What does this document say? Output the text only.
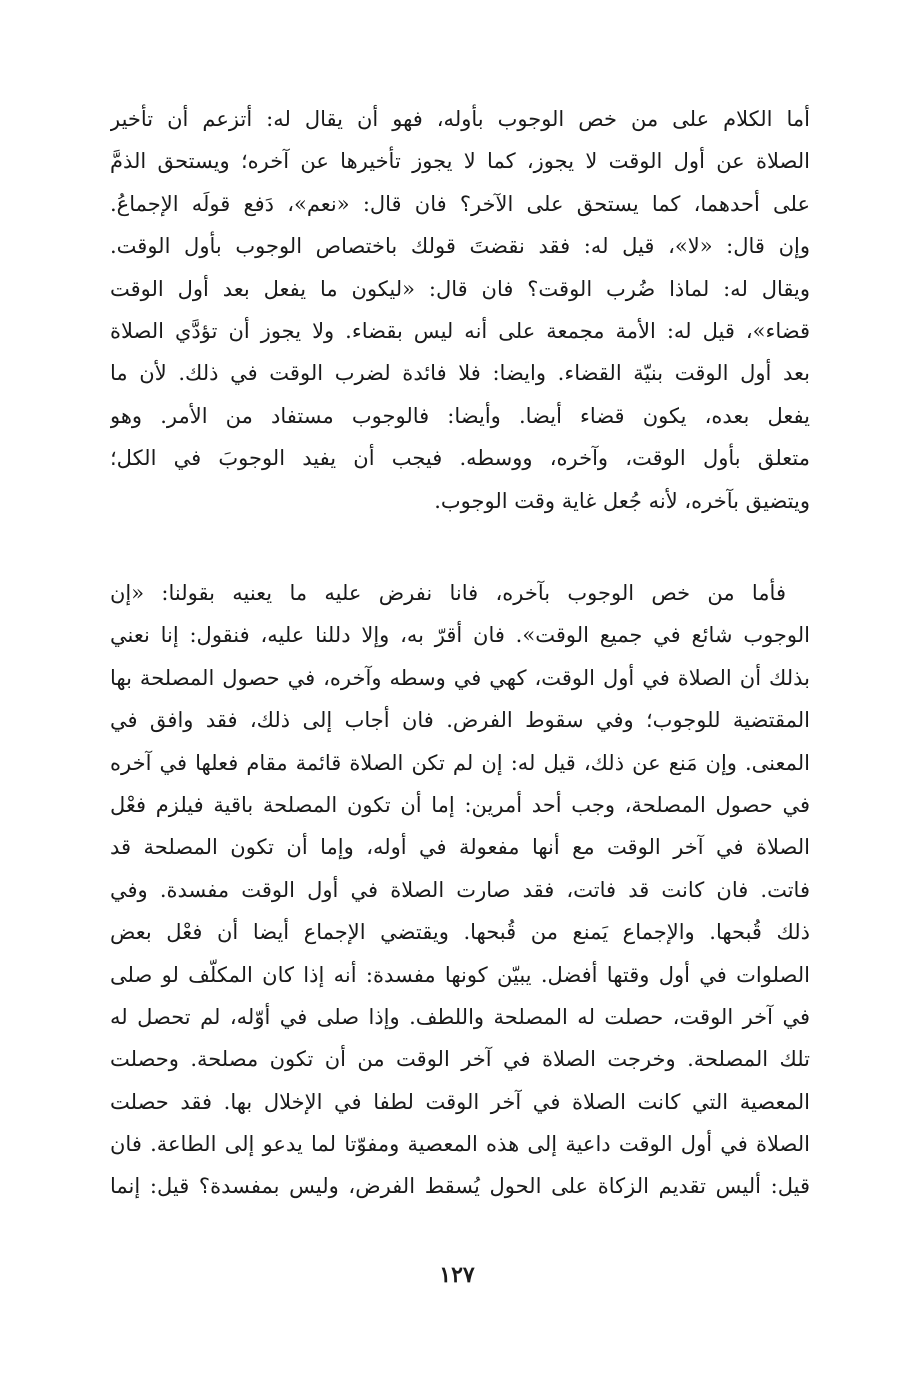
أما الكلام على من خص الوجوب بأوله، فهو أن يقال له: أتزعم أن تأخير
الصلاة عن أول الوقت لا يجوز، كما لا يجوز تأخيرها عن آخره؛ ويستحق الذمَّ
على أحدهما، كما يستحق على الآخر؟ فان قال: «نعم»، دَفع قولَه الإجماعُ.
وإن قال: «لا»، قيل له: فقد نقضتَ قولك باختصاص الوجوب بأول الوقت.
ويقال له: لماذا ضُرب الوقت؟ فان قال: «ليكون ما يفعل بعد أول الوقت
قضاء»، قيل له: الأمة مجمعة على أنه ليس بقضاء. ولا يجوز أن تؤدَّي الصلاة
بعد أول الوقت بنيّة القضاء. وايضا: فلا فائدة لضرب الوقت في ذلك. لأن ما
يفعل بعده، يكون قضاء أيضا. وأيضا: فالوجوب مستفاد من الأمر. وهو
متعلق بأول الوقت، وآخره، ووسطه. فيجب أن يفيد الوجوبَ في الكل؛
ويتضيق بآخره، لأنه جُعل غاية وقت الوجوب.
فأما من خص الوجوب بآخره، فانا نفرض عليه ما يعنيه بقولنا: «إن
الوجوب شائع في جميع الوقت». فان أقرّ به، وإلا دللنا عليه، فنقول: إنا نعني
بذلك أن الصلاة في أول الوقت، كهي في وسطه وآخره، في حصول المصلحة بها
المقتضية للوجوب؛ وفي سقوط الفرض. فان أجاب إلى ذلك، فقد وافق في
المعنى. وإن مَنع عن ذلك، قيل له: إن لم تكن الصلاة قائمة مقام فعلها في آخره
في حصول المصلحة، وجب أحد أمرين: إما أن تكون المصلحة باقية فيلزم فعْل
الصلاة في آخر الوقت مع أنها مفعولة في أوله، وإما أن تكون المصلحة قد
فاتت. فان كانت قد فاتت، فقد صارت الصلاة في أول الوقت مفسدة. وفي
ذلك قُبحها. والإجماع يَمنع من قُبحها. ويقتضي الإجماع أيضا أن فعْل بعض
الصلوات في أول وقتها أفضل. يبيّن كونها مفسدة: أنه إذا كان المكلّف لو صلى
في آخر الوقت، حصلت له المصلحة واللطف. وإذا صلى في أوّله، لم تحصل له
تلك المصلحة. وخرجت الصلاة في آخر الوقت من أن تكون مصلحة. وحصلت
المعصية التي كانت الصلاة في آخر الوقت لطفا في الإخلال بها. فقد حصلت
الصلاة في أول الوقت داعية إلى هذه المعصية ومفوّتا لما يدعو إلى الطاعة. فان
قيل: أليس تقديم الزكاة على الحول يُسقط الفرض، وليس بمفسدة؟ قيل: إنما
١٢٧
